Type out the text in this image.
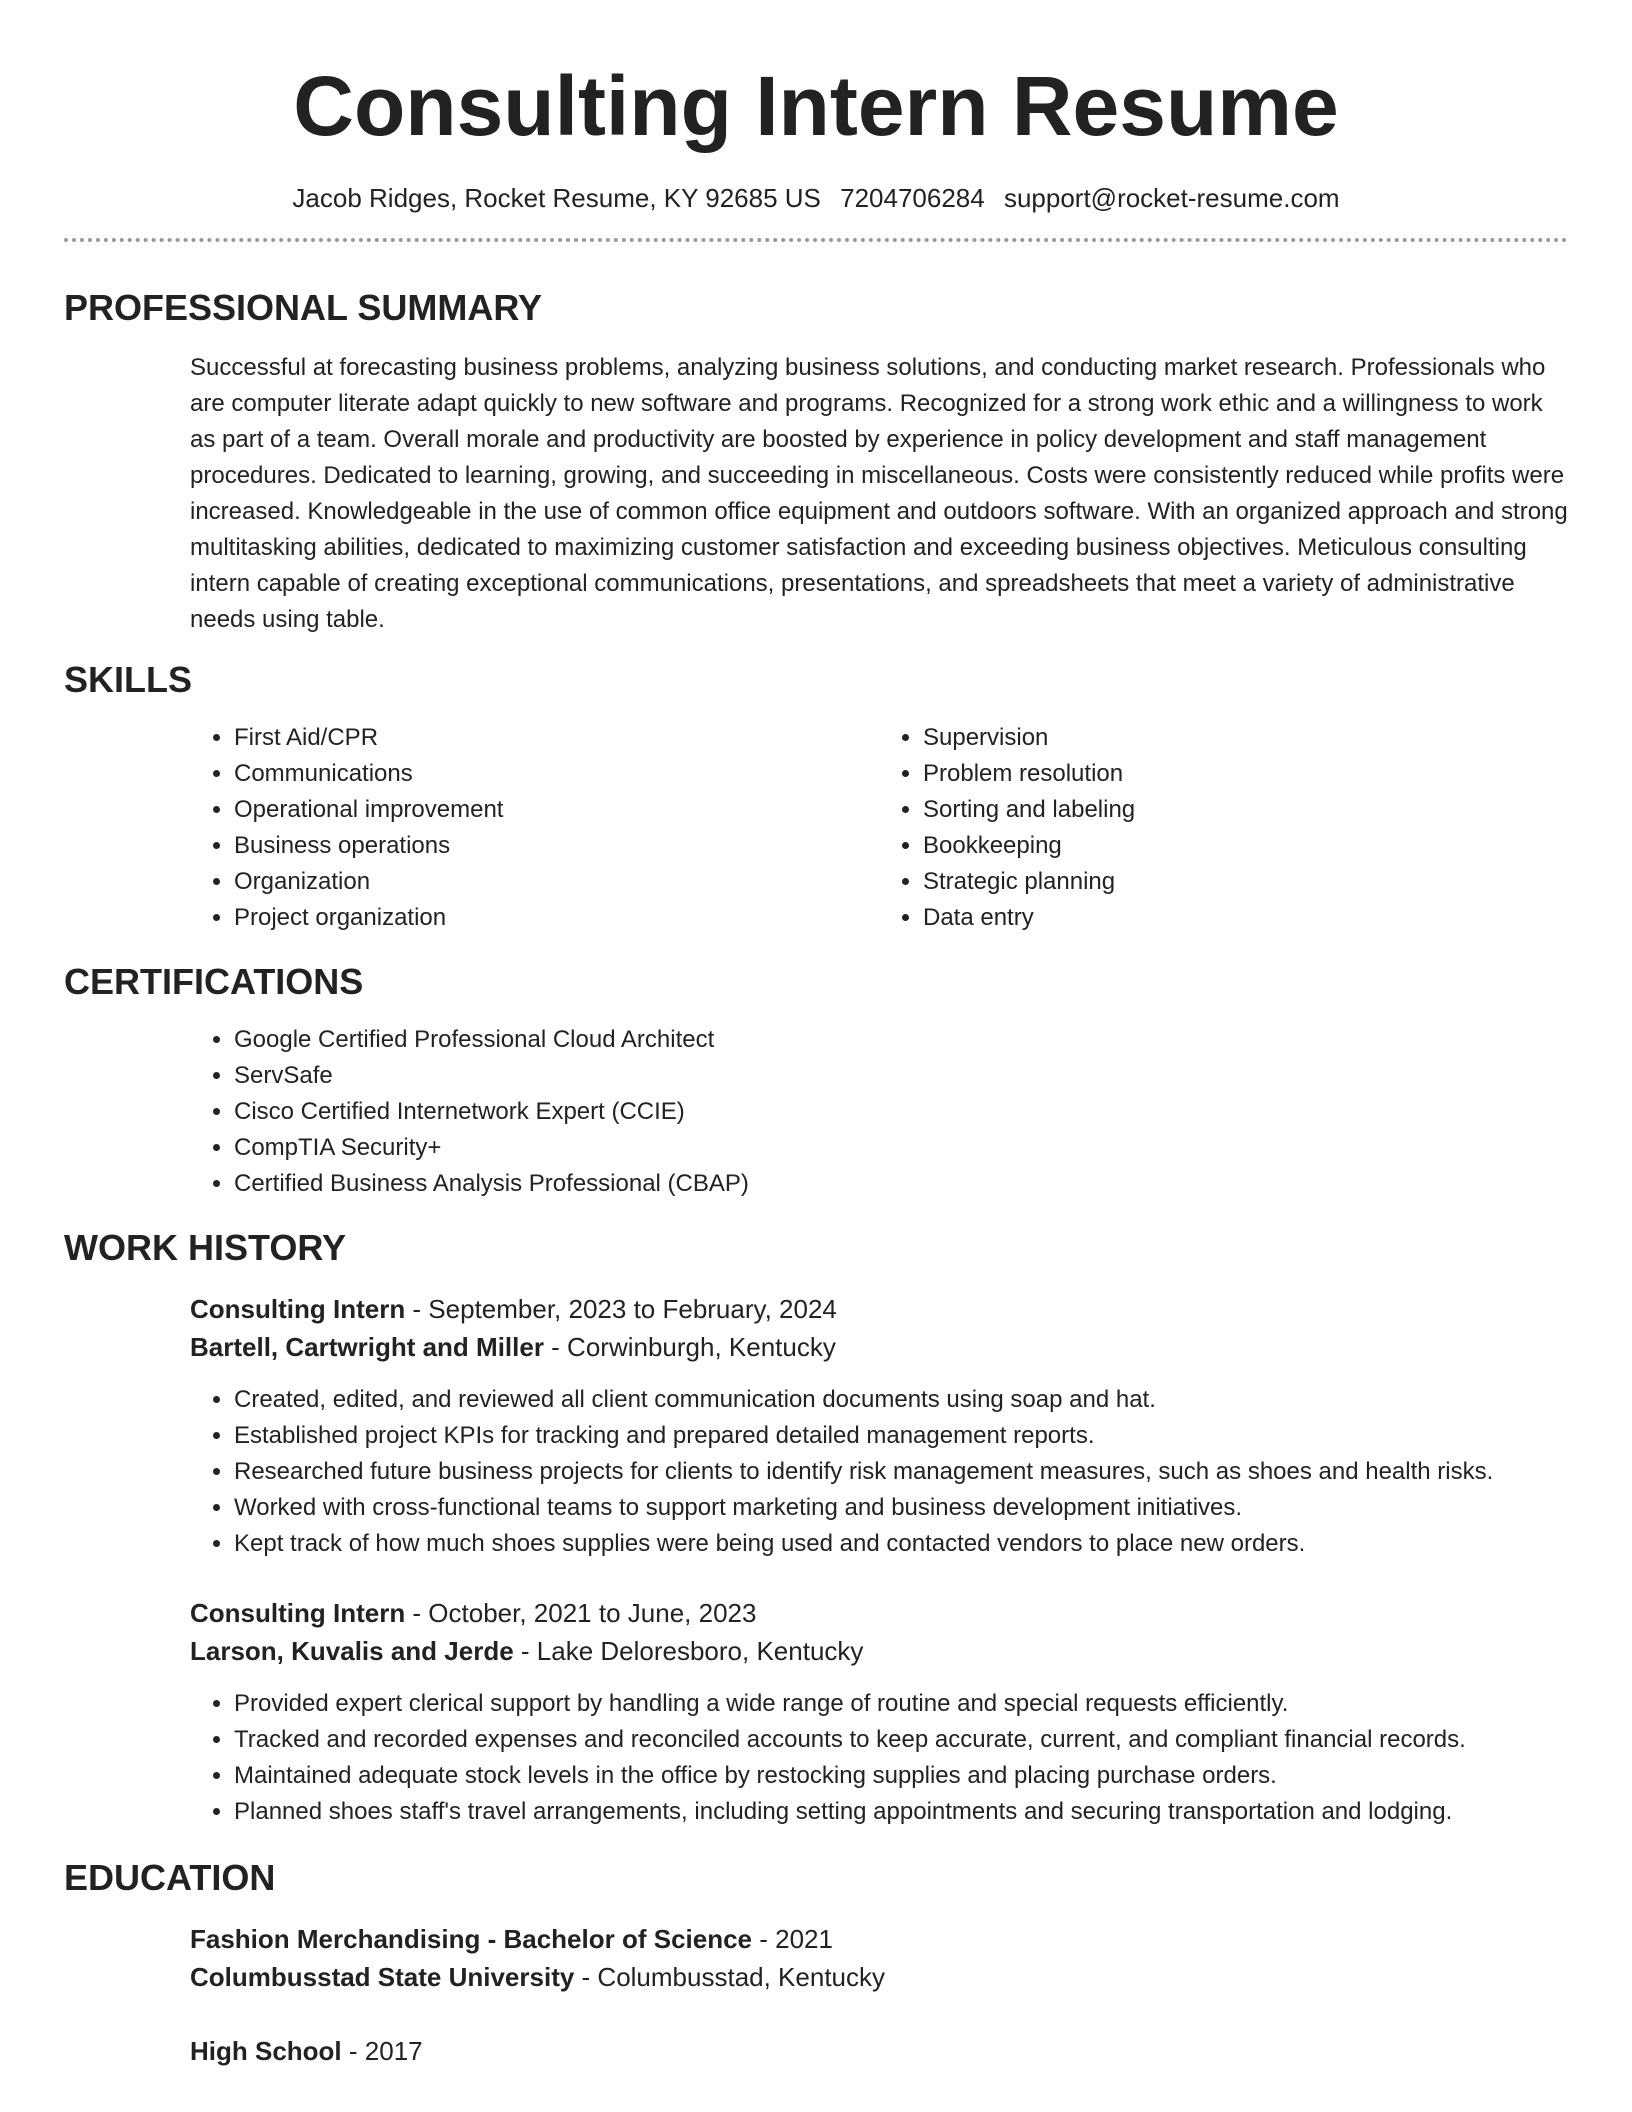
Consulting Intern Resume
Jacob Ridges, Rocket Resume, KY 92685 US 7204706284 support@rocket-resume.com
PROFESSIONAL SUMMARY

Successful at forecasting business problems, analyzing business solutions, and conducting market research. Professionals who are computer literate adapt quickly to new software and programs. Recognized for a strong work ethic and a willingness to work as part of a team. Overall morale and productivity are boosted by experience in policy development and staff management procedures. Dedicated to learning, growing, and succeeding in miscellaneous. Costs were consistently reduced while profits were increased. Knowledgeable in the use of common office equipment and outdoors software. With an organized approach and strong multitasking abilities, dedicated to maximizing customer satisfaction and exceeding business objectives. Meticulous consulting intern capable of creating exceptional communications, presentations, and spreadsheets that meet a variety of administrative needs using table.

SKILLS
• First Aid/CPR
• Communications
• Operational improvement
• Business operations
• Organization
• Project organization
• Supervision
• Problem resolution
• Sorting and labeling
• Bookkeeping
• Strategic planning
• Data entry
CERTIFICATIONS
• Google Certified Professional Cloud Architect
• ServSafe
• Cisco Certified Internetwork Expert (CCIE)
• CompTIA Security+
• Certified Business Analysis Professional (CBAP)
WORK HISTORY
Consulting Intern - September, 2023 to February, 2024
Bartell, Cartwright and Miller - Corwinburgh, Kentucky
• Created, edited, and reviewed all client communication documents using soap and hat.
• Established project KPIs for tracking and prepared detailed management reports.
• Researched future business projects for clients to identify risk management measures, such as shoes and health risks.
• Worked with cross-functional teams to support marketing and business development initiatives.
• Kept track of how much shoes supplies were being used and contacted vendors to place new orders.
Consulting Intern - October, 2021 to June, 2023
Larson, Kuvalis and Jerde - Lake Deloresboro, Kentucky
• Provided expert clerical support by handling a wide range of routine and special requests efficiently.
• Tracked and recorded expenses and reconciled accounts to keep accurate, current, and compliant financial records.
• Maintained adequate stock levels in the office by restocking supplies and placing purchase orders.
• Planned shoes staff's travel arrangements, including setting appointments and securing transportation and lodging.
EDUCATION
Fashion Merchandising - Bachelor of Science - 2021
Columbusstad State University - Columbusstad, Kentucky
High School - 2017
